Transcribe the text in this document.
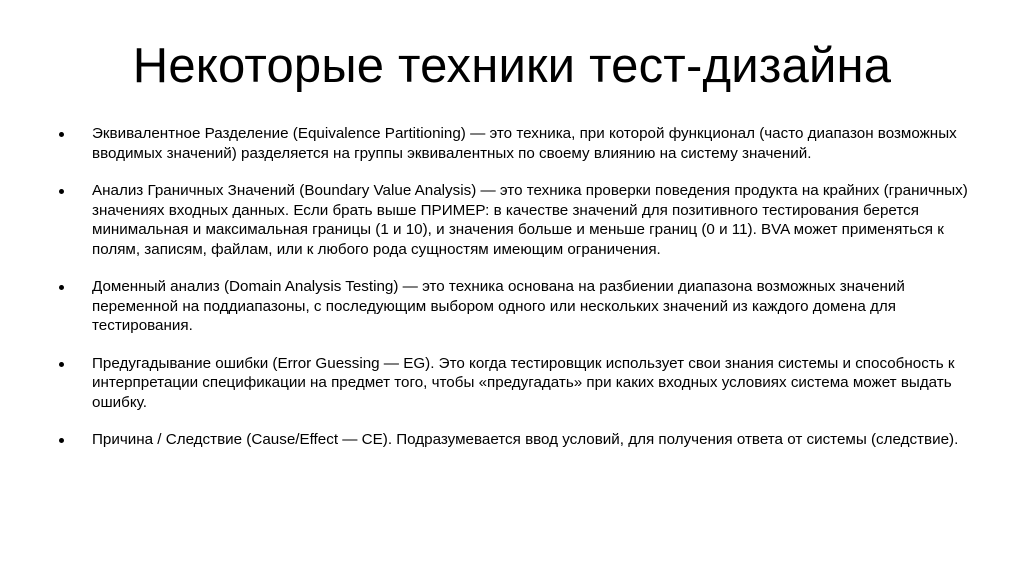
Некоторые техники тест-дизайна
Эквивалентное Разделение (Equivalence Partitioning) — это техника, при которой функционал (часто диапазон возможных вводимых значений) разделяется на группы эквивалентных по своему влиянию на систему значений.
Анализ Граничных Значений (Boundary Value Analysis) — это техника проверки поведения продукта на крайних (граничных) значениях входных данных. Если брать выше ПРИМЕР: в качестве значений для позитивного тестирования берется минимальная и максимальная границы (1 и 10), и значения больше и меньше границ (0 и 11). BVA может применяться к полям, записям, файлам, или к любого рода сущностям имеющим ограничения.
Доменный анализ (Domain Analysis Testing) — это техника основана на разбиении диапазона возможных значений переменной на поддиапазоны, с последующим выбором одного или нескольких значений из каждого домена для тестирования.
Предугадывание ошибки (Error Guessing — EG). Это когда тестировщик использует свои знания системы и способность к интерпретации спецификации на предмет того, чтобы «предугадать» при каких входных условиях система может выдать ошибку.
Причина / Следствие (Cause/Effect — CE). Подразумевается ввод условий, для получения ответа от системы (следствие).
